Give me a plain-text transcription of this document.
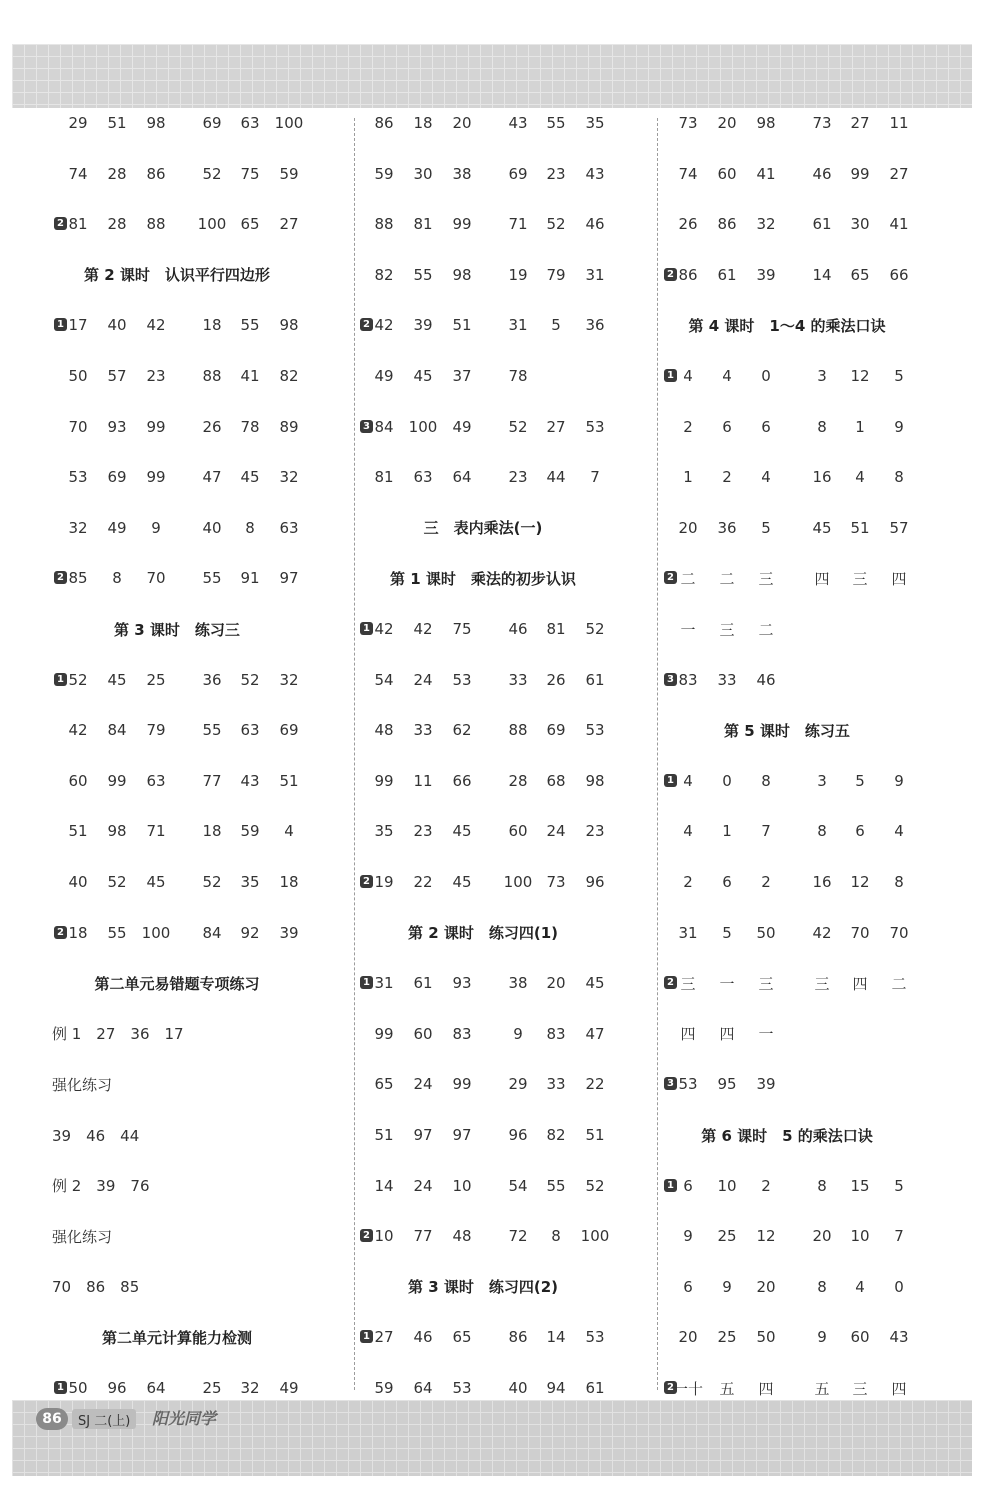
29	51	98	69	63	100
74	28	86	52	75	59
2 81	28	88	100 65	27
第 2 课时　认识平行四边形
1 17	40	42	18	55	98
50	57	23	88	41	82
70	93	99	26	78	89
53	69	99	47	45	32
32	49	9	40	8	63
2 85	8	70	55	91	97
第 3 课时　练习三
1 52	45	25	36	52	32
42	84	79	55	63	69
60	99	63	77	43	51
51	98	71	18	59	4
40	52	45	52	35	18
2 18	55	100	84	92	39
第二单元易错题专项练习
例 1　27　36　17
强化练习
39　46　44
例 2　39　76
强化练习
70　86　85
第二单元计算能力检测
1 50	96	64	25	32	49
86	18	20	43	55	35
59	30	38	69	23	43
88	81	99	71	52	46
82	55	98	19	79	31
2 42	39	51	31	5	36
49	45	37	78
3 84	100	49	52	27	53
81	63	64	23	44	7
三　表内乘法(一)
第 1 课时　乘法的初步认识
1 42	42	75	46	81	52
54	24	53	33	26	61
48	33	62	88	69	53
99	11	66	28	68	98
35	23	45	60	24	23
2 19	22	45	100 73	96
第 2 课时　练习四(1)
1 31	61	93	38	20	45
99	60	83	9	83	47
65	24	99	29	33	22
51	97	97	96	82	51
14	24	10	54	55	52
2 10	77	48	72	8	100
第 3 课时　练习四(2)
1 27	46	65	86	14	53
59	64	53	40	94	61
73	20	98	73	27	11
74	60	41	46	99	27
26	86	32	61	30	41
2 86	61	39	14	65	66
第 4 课时　1～4 的乘法口诀
1 4	4	0	3	12	5
2	6	6	8	1	9
1	2	4	16	4	8
20	36	5	45	51	57
2 二	二	三	四	三	四
一	三	二
3 83	33	46
第 5 课时　练习五
1 4	0	8	3	5	9
4	1	7	8	6	4
2	6	2	16	12	8
31	5	50	42	70	70
2 三	一	三	三	四	二
四	四	一
3 53	95	39
第 6 课时　5 的乘法口诀
1 6	10	2	8	15	5
9	25	12	20	10	7
6	9	20	8	4	0
20	25	50	9	60	43
2 一十	五	四	五	三	四
86	SJ 二(上)	阳光同学
